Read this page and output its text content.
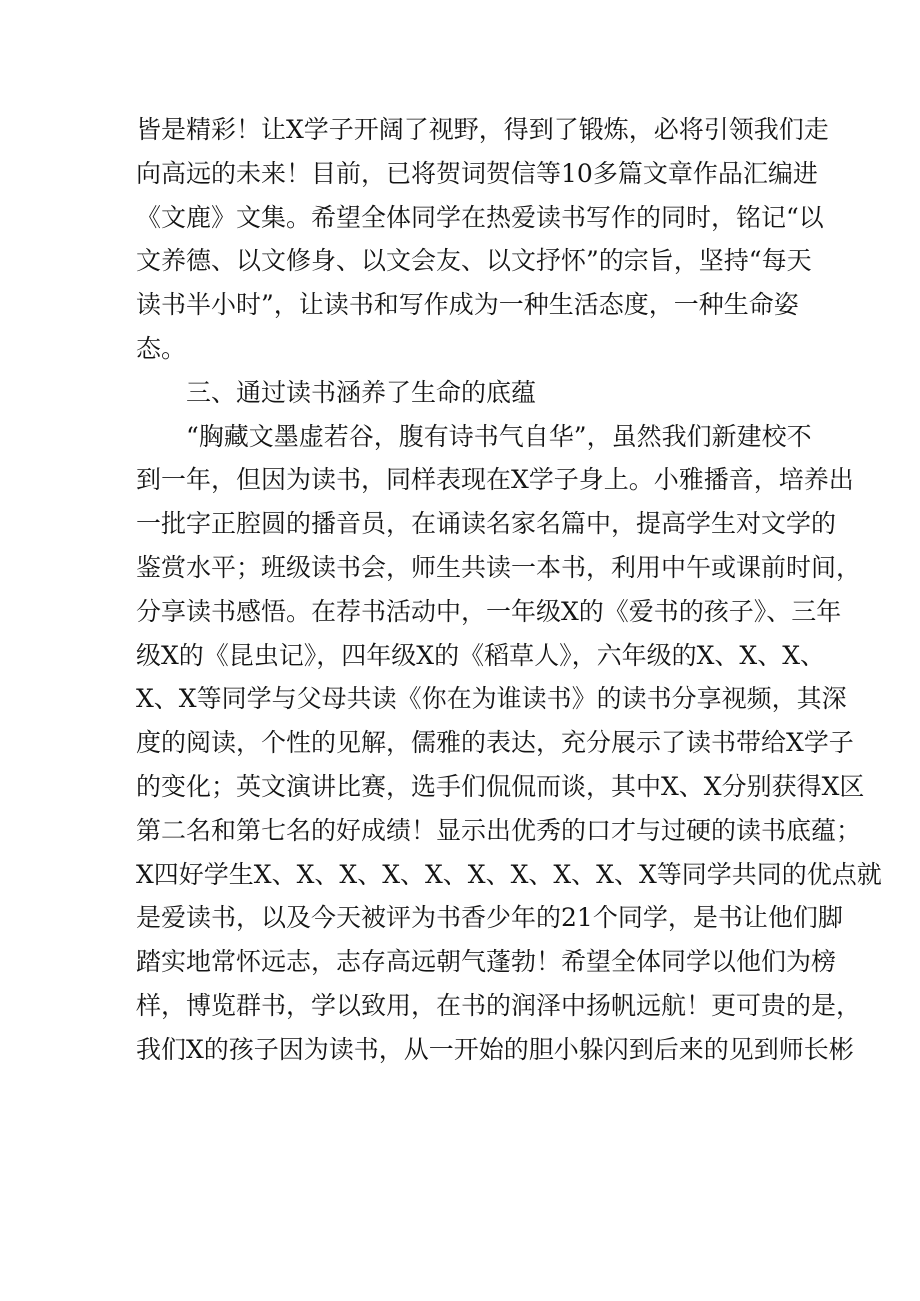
皆是精彩！让X学子开阔了视野，得到了锻炼，必将引领我们走
向高远的未来！目前，已将贺词贺信等10多篇文章作品汇编进
《文鹿》文集。希望全体同学在热爱读书写作的同时，铭记“以
文养德、以文修身、以文会友、以文抒怀”的宗旨，坚持“每天
读书半小时”，让读书和写作成为一种生活态度，一种生命姿
态。
三、通过读书涵养了生命的底蕴
“胸藏文墨虚若谷，腹有诗书气自华”，虽然我们新建校不
到一年，但因为读书，同样表现在X学子身上。小雅播音，培养出
一批字正腔圆的播音员，在诵读名家名篇中，提高学生对文学的
鉴赏水平；班级读书会，师生共读一本书，利用中午或课前时间，
分享读书感悟。在荐书活动中，一年级X的《爱书的孩子》、三年
级X的《昆虫记》，四年级X的《稻草人》，六年级的X、X、X、
X、X等同学与父母共读《你在为谁读书》的读书分享视频，其深
度的阅读，个性的见解，儒雅的表达，充分展示了读书带给X学子
的变化；英文演讲比赛，选手们侃侃而谈，其中X、X分别获得X区
第二名和第七名的好成绩！显示出优秀的口才与过硬的读书底蕴；
X四好学生X、X、X、X、X、X、X、X、X、X等同学共同的优点就
是爱读书，以及今天被评为书香少年的21个同学，是书让他们脚
踏实地常怀远志，志存高远朝气蓬勃！希望全体同学以他们为榜
样，博览群书，学以致用，在书的润泽中扬帆远航！更可贵的是，
我们X的孩子因为读书，从一开始的胆小躲闪到后来的见到师长彬
